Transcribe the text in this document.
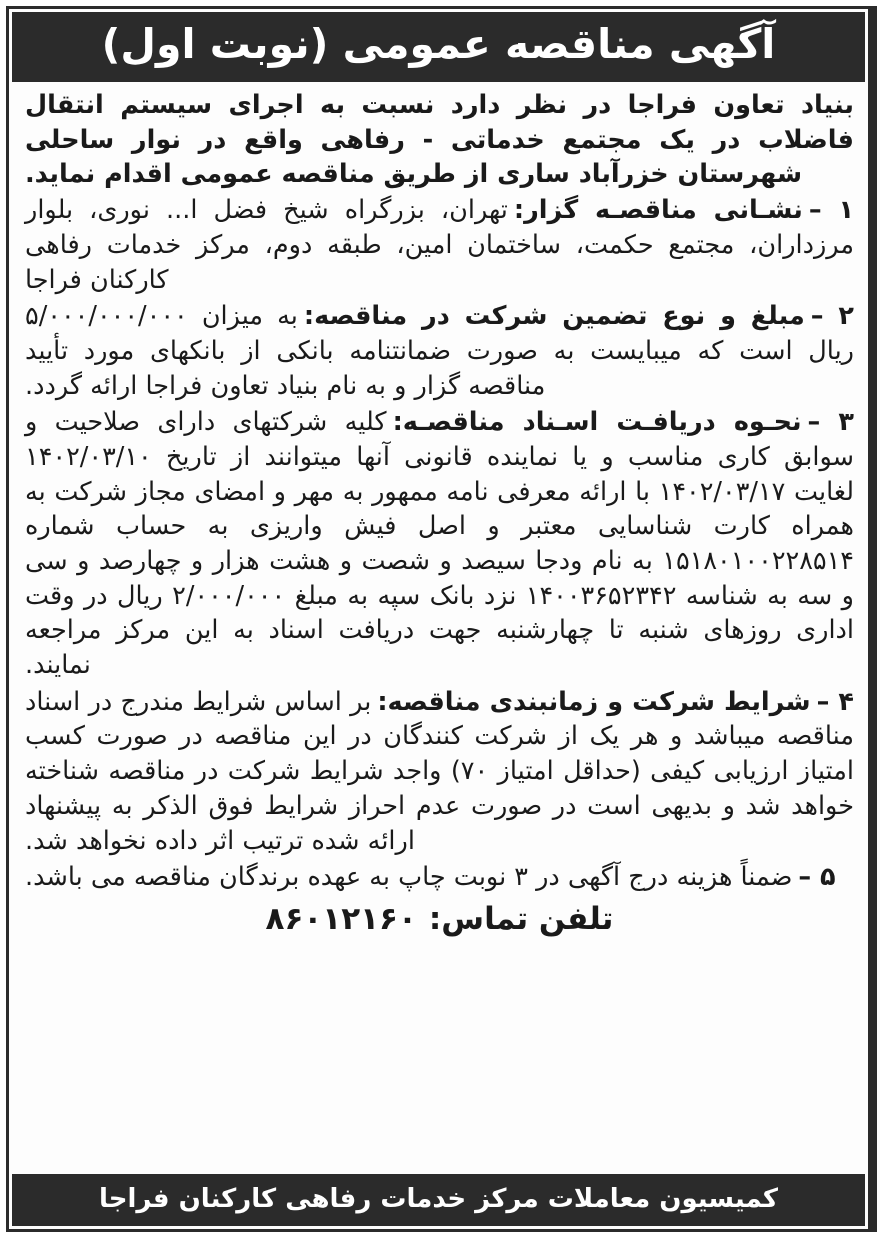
آگهی مناقصه عمومی (نوبت اول)

بنیاد تعاون فراجا در نظر دارد نسبت به اجرای سیستم انتقال فاضلاب در یک مجتمع خدماتی - رفاهی واقع در نوار ساحلی شهرستان خزرآباد ساری از طریق مناقصه عمومی اقدام نماید.

۱ –نشـانی مناقصـه گزار:تهران، بزرگراه شیخ فضل ا... نوری، بلوار مرزداران، مجتمع حکمت، ساختمان امین، طبقه دوم، مرکز خدمات رفاهی کارکنان فراجا

۲ –مبلغ و نوع تضمین شرکت در مناقصه:به میزان ۵/۰۰۰/۰۰۰/۰۰۰ ریال است که میبایست به صورت ضمانتنامه بانکی از بانکهای مورد تأیید مناقصه گزار و به نام بنیاد تعاون فراجا ارائه گردد.

۳ –نحـوه دریافـت اسـناد مناقصـه:کلیه شرکتهای دارای صلاحیت و سوابق کاری مناسب و یا نماینده قانونی آنها میتوانند از تاریخ ۱۴۰۲/۰۳/۱۰ لغایت ۱۴۰۲/۰۳/۱۷ با ارائه معرفی نامه ممهور به مهر و امضای مجاز شرکت به همراه کارت شناسایی معتبر و اصل فیش واریزی به حساب شماره ۱۵۱۸۰۱۰۰۲۲۸۵۱۴ به نام ودجا سیصد و شصت و هشت هزار و چهارصد و سی و سه به شناسه ۱۴۰۰۳۶۵۲۳۴۲ نزد بانک سپه به مبلغ ۲/۰۰۰/۰۰۰ ریال در وقت اداری روزهای شنبه تا چهارشنبه جهت دریافت اسناد به این مرکز مراجعه نمایند.

۴ –شرایط شرکت و زمانبندی مناقصه:بر اساس شرایط مندرج در اسناد مناقصه میباشد و هر یک از شرکت کنندگان در این مناقصه در صورت کسب امتیاز ارزیابی کیفی (حداقل امتیاز ۷۰) واجد شرایط شرکت در مناقصه شناخته خواهد شد و بدیهی است در صورت عدم احراز شرایط فوق الذکر به پیشنهاد ارائه شده ترتیب اثر داده نخواهد شد.

۵ –ضمناً هزینه درج آگهی در ۳ نوبت چاپ به عهده برندگان مناقصه می باشد.

تلفن تماس:۸۶۰۱۲۱۶۰
کمیسیون معاملات مرکز خدمات رفاهی کارکنان فراجا
